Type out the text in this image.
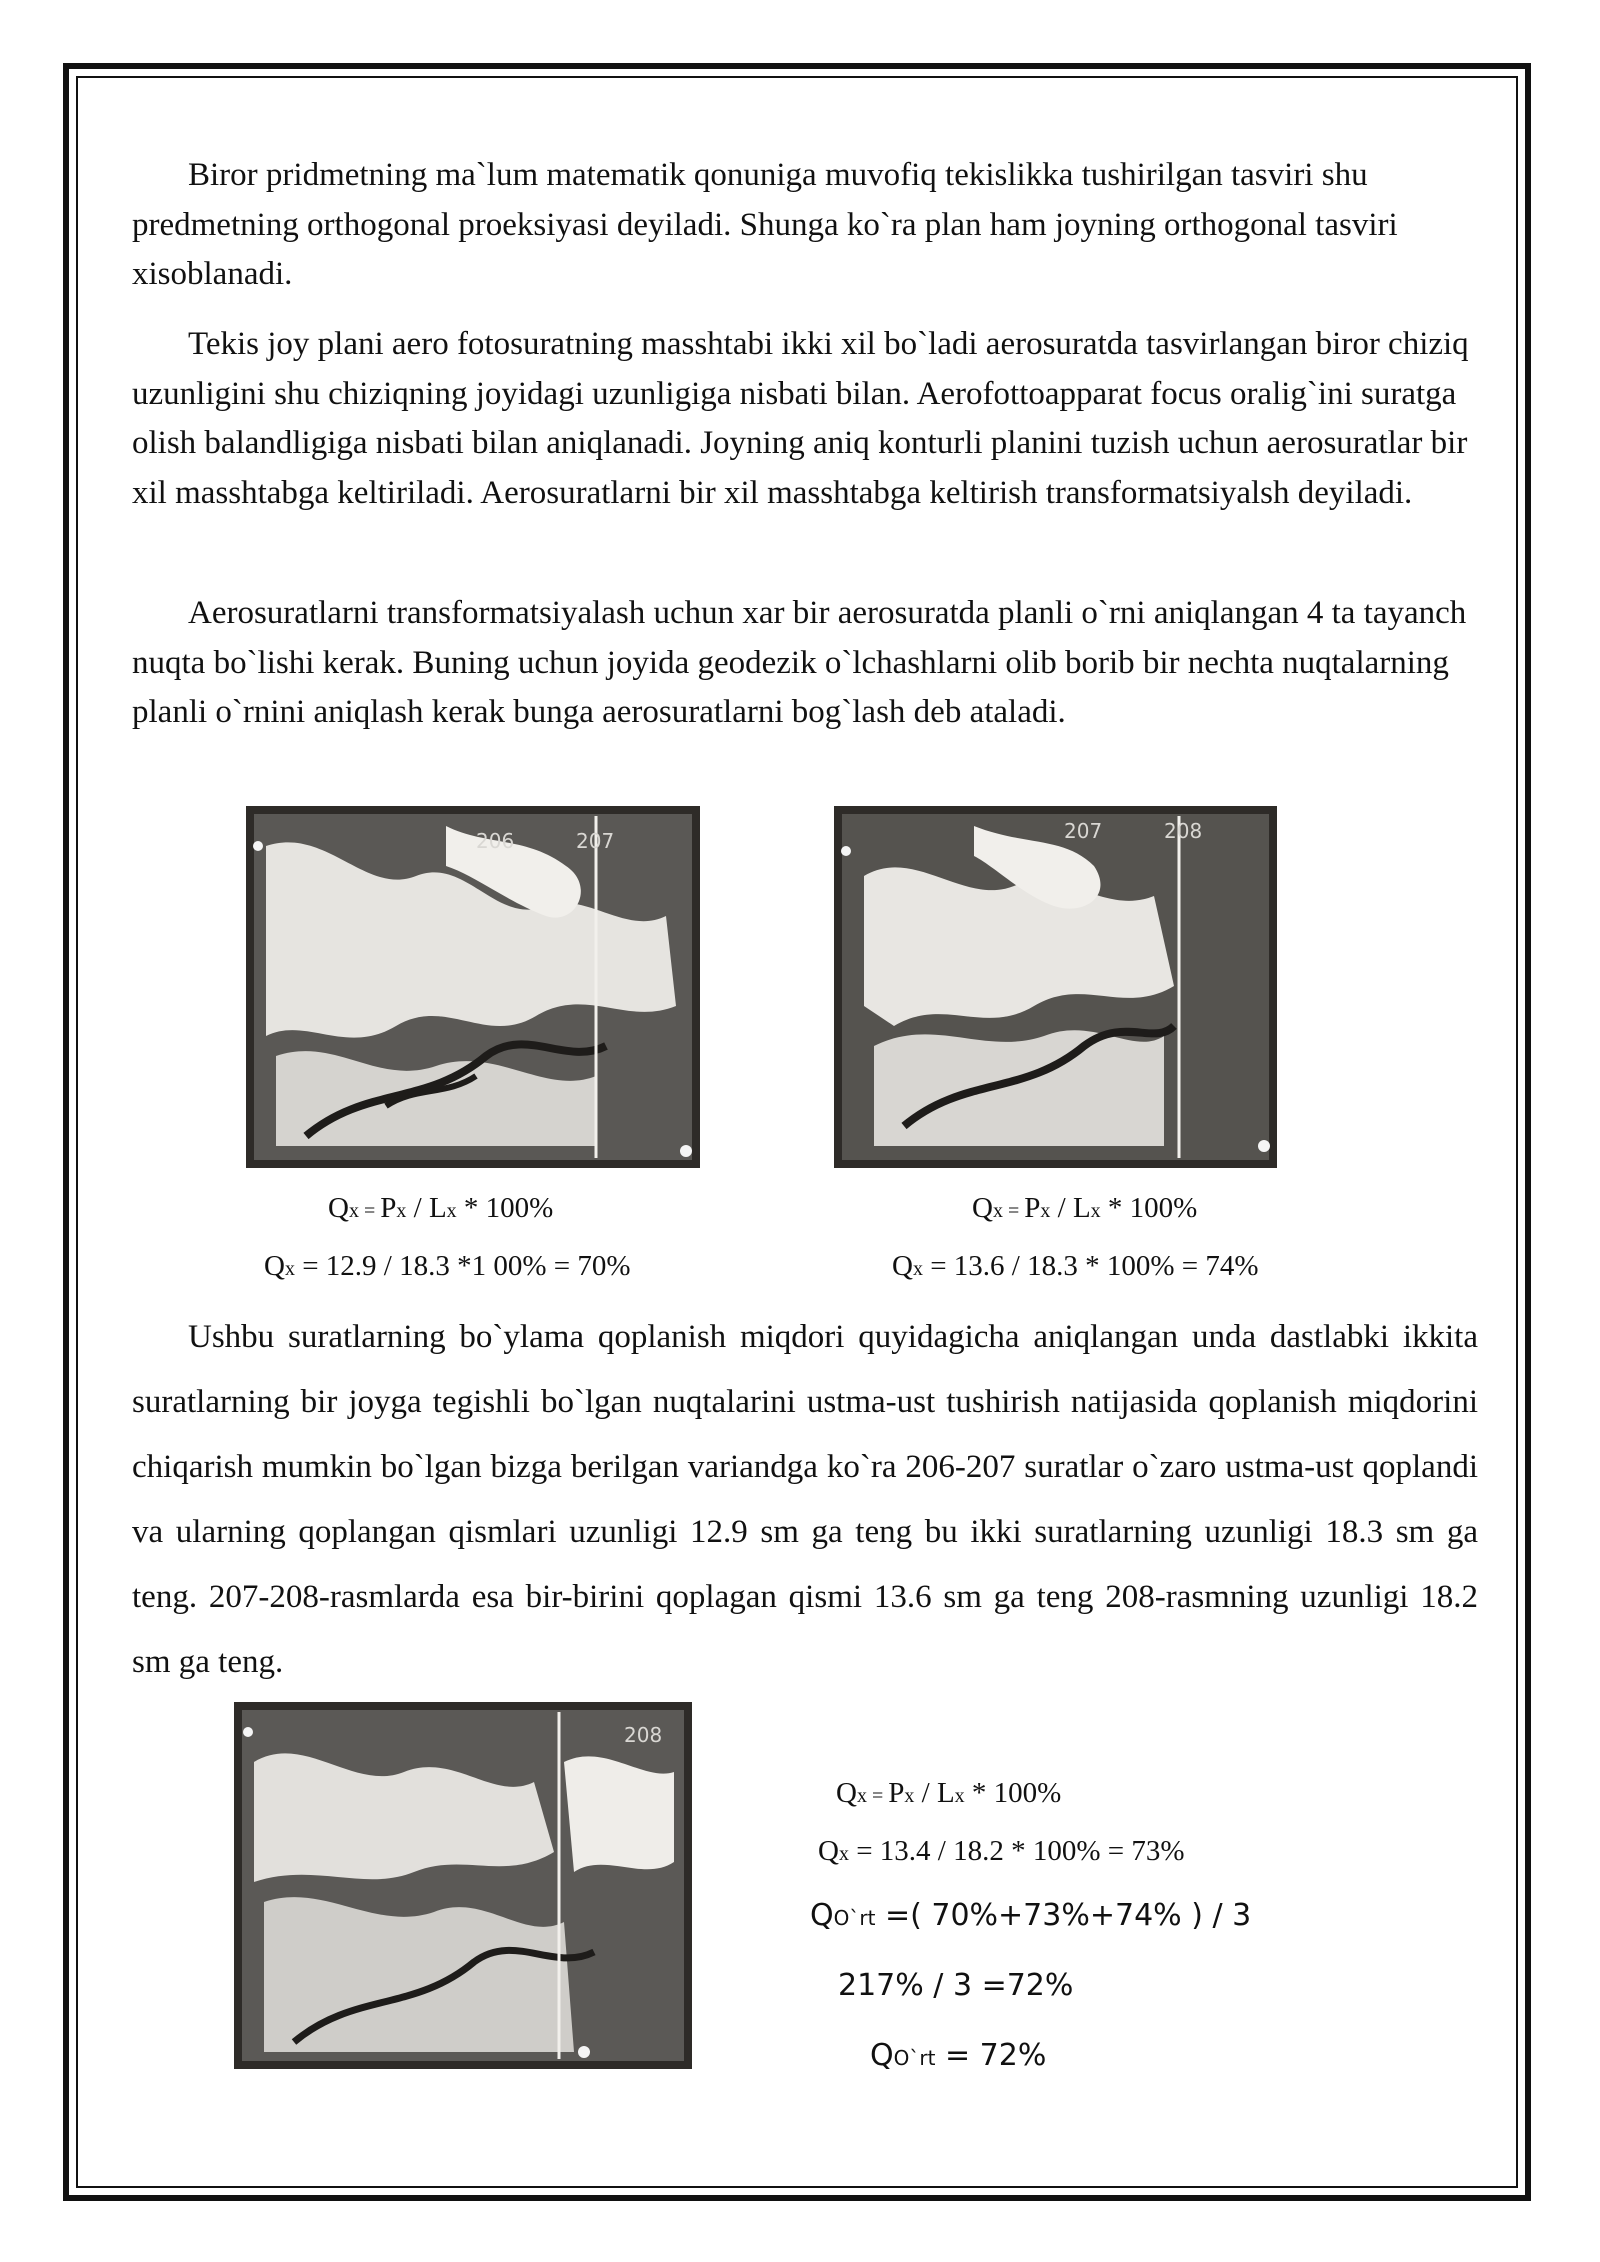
Biror pridmetning ma`lum matematik qonuniga muvofiq tekislikka tushirilgan tasviri shu predmetning orthogonal proeksiyasi deyiladi. Shunga ko`ra plan ham joyning orthogonal tasviri xisoblanadi.

Tekis joy plani aero fotosuratning masshtabi ikki xil bo`ladi aerosuratda tasvirlangan biror chiziq uzunligini shu chiziqning joyidagi uzunligiga nisbati bilan. Aerofottoapparat focus oralig`ini suratga olish balandligiga nisbati bilan aniqlanadi. Joyning aniq konturli planini tuzish uchun aerosuratlar bir xil masshtabga keltiriladi. Aerosuratlarni bir xil masshtabga keltirish transformatsiyalsh deyiladi.

Aerosuratlarni transformatsiyalash uchun xar bir aerosuratda planli o`rni aniqlangan 4 ta tayanch nuqta bo`lishi kerak. Buning uchun joyida geodezik o`lchashlarni olib borib bir nechta nuqtalarning planli o`rnini aniqlash kerak bunga aerosuratlarni bog`lash deb ataladi.

206	207	207	208
Qx = Px / Lx * 100%
Qx = 12.9 / 18.3 *1 00% = 70%
Qx = Px / Lx * 100%
Qx = 13.6 / 18.3 * 100% = 74%

Ushbu suratlarning bo`ylama qoplanish miqdori quyidagicha aniqlangan unda dastlabki ikkita suratlarning bir joyga tegishli bo`lgan nuqtalarini ustma-ust tushirish natijasida qoplanish miqdorini chiqarish mumkin bo`lgan bizga berilgan variandga ko`ra 206-207 suratlar o`zaro ustma-ust qoplandi va ularning qoplangan qismlari uzunligi 12.9 sm ga teng bu ikki suratlarning uzunligi 18.3 sm ga teng. 207-208-rasmlarda esa bir-birini qoplagan qismi 13.6 sm ga teng 208-rasmning uzunligi 18.2 sm ga teng.

208
Qx = Px / Lx * 100%
Qx = 13.4 / 18.2 * 100% = 73%
QO`rt =( 70%+73%+74% ) / 3
217% / 3 =72%
QO`rt = 72%
